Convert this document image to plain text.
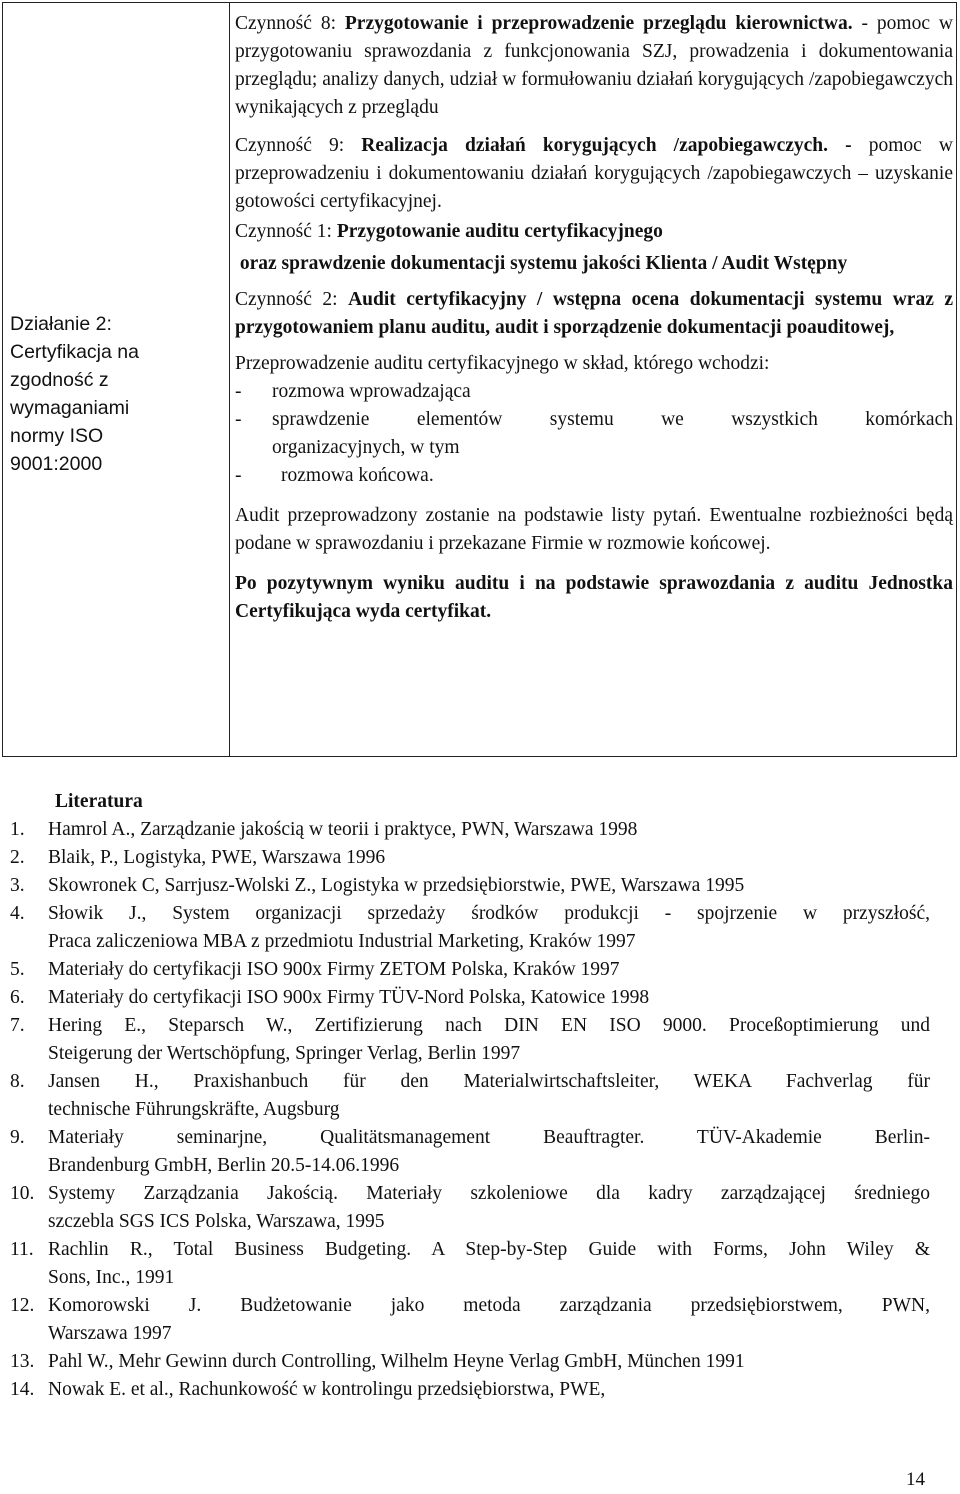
Działanie 2:
Certyfikacja na
zgodność z
wymaganiami
normy ISO
9001:2000

Czynność 8: Przygotowanie i przeprowadzenie przeglądu kierownictwa. - pomoc w przygotowaniu sprawozdania z funkcjonowania SZJ, prowadzenia i dokumentowania przeglądu; analizy danych, udział w formułowaniu działań korygujących /zapobiegawczych wynikających z przeglądu

Czynność 9: Realizacja działań korygujących /zapobiegawczych. - pomoc w przeprowadzeniu i dokumentowaniu działań korygujących /zapobiegawczych – uzyskanie gotowości certyfikacyjnej.

Czynność 1: Przygotowanie auditu certyfikacyjnego

oraz sprawdzenie dokumentacji systemu jakości Klienta / Audit Wstępny

Czynność 2: Audit certyfikacyjny / wstępna ocena dokumentacji systemu wraz z przygotowaniem planu auditu, audit i sporządzenie dokumentacji poauditowej,

Przeprowadzenie auditu certyfikacyjnego w skład, którego wchodzi:

- rozmowa wprowadzająca
- sprawdzenie elementów systemu we wszystkich komórkach
organizacyjnych, w tym
- rozmowa końcowa.

Audit przeprowadzony zostanie na podstawie listy pytań. Ewentualne rozbieżności będą podane w sprawozdaniu i przekazane Firmie w rozmowie końcowej.

Po pozytywnym wyniku auditu i na podstawie sprawozdania z auditu Jednostka Certyfikująca wyda certyfikat.

Literatura
1. Hamrol A., Zarządzanie jakością w teorii i praktyce, PWN, Warszawa 1998
2. Blaik, P., Logistyka, PWE, Warszawa 1996
3. Skowronek C, Sarrjusz-Wolski Z., Logistyka w przedsiębiorstwie, PWE, Warszawa 1995
4. Słowik J., System organizacji sprzedaży środków produkcji - spojrzenie w przyszłość,
Praca zaliczeniowa MBA z przedmiotu Industrial Marketing, Kraków 1997
5. Materiały do certyfikacji ISO 900x Firmy ZETOM Polska, Kraków 1997
6. Materiały do certyfikacji ISO 900x Firmy TÜV-Nord Polska, Katowice 1998
7. Hering E., Steparsch W., Zertifizierung nach DIN EN ISO 9000. Proceßoptimierung und
Steigerung der Wertschöpfung, Springer Verlag, Berlin 1997
8. Jansen H., Praxishanbuch für den Materialwirtschaftsleiter, WEKA Fachverlag für
technische Führungskräfte, Augsburg
9. Materiały seminarjne, Qualitätsmanagement Beauftragter. TÜV-Akademie Berlin-
Brandenburg GmbH, Berlin 20.5-14.06.1996
10. Systemy Zarządzania Jakością. Materiały szkoleniowe dla kadry zarządzającej średniego
szczebla SGS ICS Polska, Warszawa, 1995
11. Rachlin R., Total Business Budgeting. A Step-by-Step Guide with Forms, John Wiley &
Sons, Inc., 1991
12. Komorowski J. Budżetowanie jako metoda zarządzania przedsiębiorstwem, PWN,
Warszawa 1997
13. Pahl W., Mehr Gewinn durch Controlling, Wilhelm Heyne Verlag GmbH, München 1991
14. Nowak E. et al., Rachunkowość w kontrolingu przedsiębiorstwa, PWE,
14
